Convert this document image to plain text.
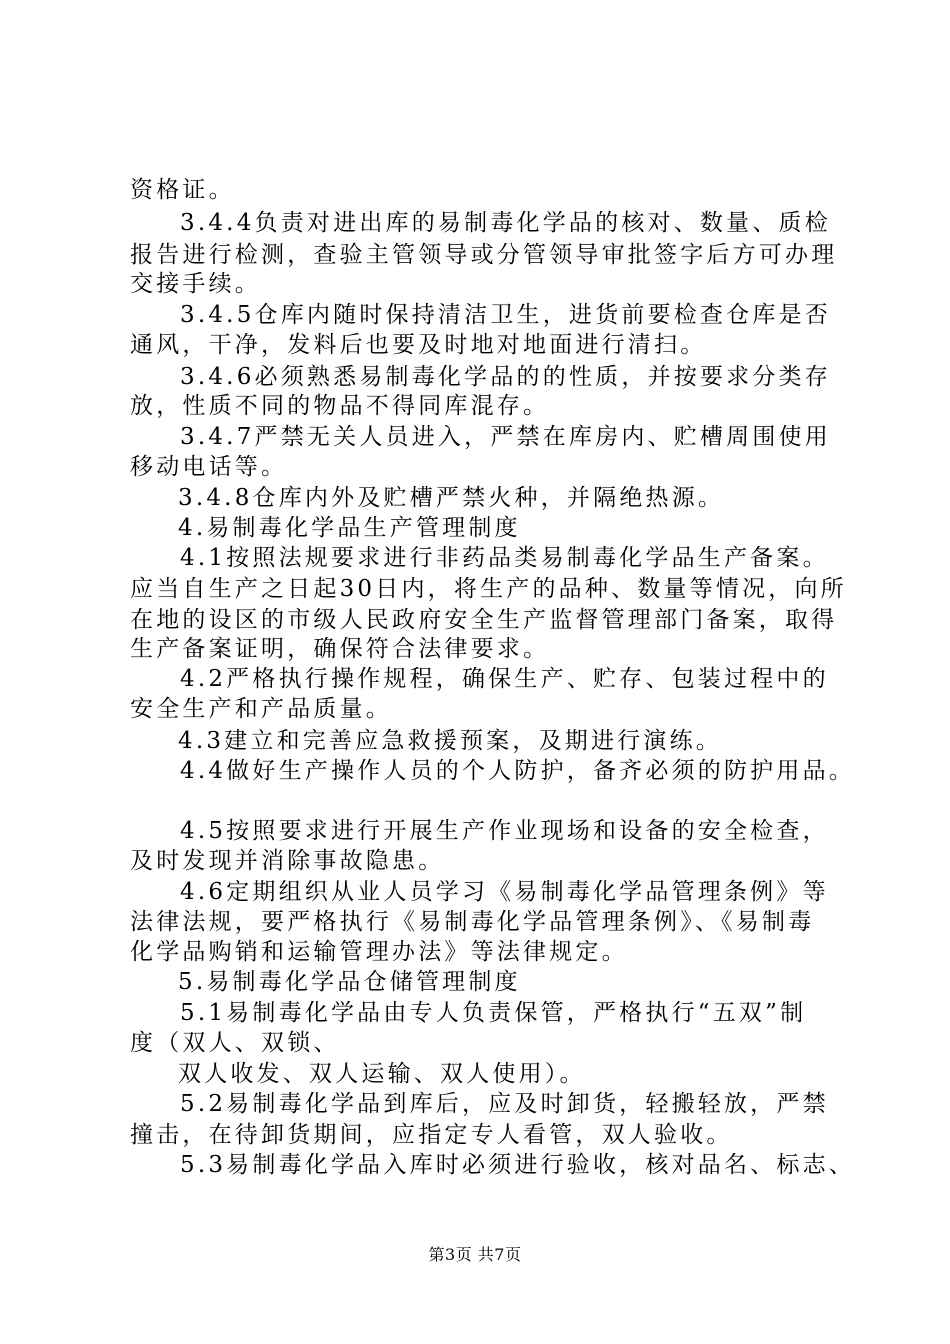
资格证。
3.4.4负责对进出库的易制毒化学品的核对、数量、质检
报告进行检测，查验主管领导或分管领导审批签字后方可办理
交接手续。
3.4.5仓库内随时保持清洁卫生，进货前要检查仓库是否
通风，干净，发料后也要及时地对地面进行清扫。
3.4.6必须熟悉易制毒化学品的的性质，并按要求分类存
放，性质不同的物品不得同库混存。
3.4.7严禁无关人员进入，严禁在库房内、贮槽周围使用
移动电话等。
3.4.8仓库内外及贮槽严禁火种，并隔绝热源。
4.易制毒化学品生产管理制度
4.1按照法规要求进行非药品类易制毒化学品生产备案。
应当自生产之日起30日内，将生产的品种、数量等情况，向所
在地的设区的市级人民政府安全生产监督管理部门备案，取得
生产备案证明，确保符合法律要求。
4.2严格执行操作规程，确保生产、贮存、包装过程中的
安全生产和产品质量。
4.3建立和完善应急救援预案，及期进行演练。
4.4做好生产操作人员的个人防护，备齐必须的防护用品。
4.5按照要求进行开展生产作业现场和设备的安全检查，
及时发现并消除事故隐患。
4.6定期组织从业人员学习《易制毒化学品管理条例》等
法律法规，要严格执行《易制毒化学品管理条例》、《易制毒
化学品购销和运输管理办法》等法律规定。
5.易制毒化学品仓储管理制度
5.1易制毒化学品由专人负责保管，严格执行“五双”制
度（双人、双锁、
双人收发、双人运输、双人使用）。
5.2易制毒化学品到库后，应及时卸货，轻搬轻放，严禁
撞击，在待卸货期间，应指定专人看管，双人验收。
5.3易制毒化学品入库时必须进行验收，核对品名、标志、
第3页 共7页
